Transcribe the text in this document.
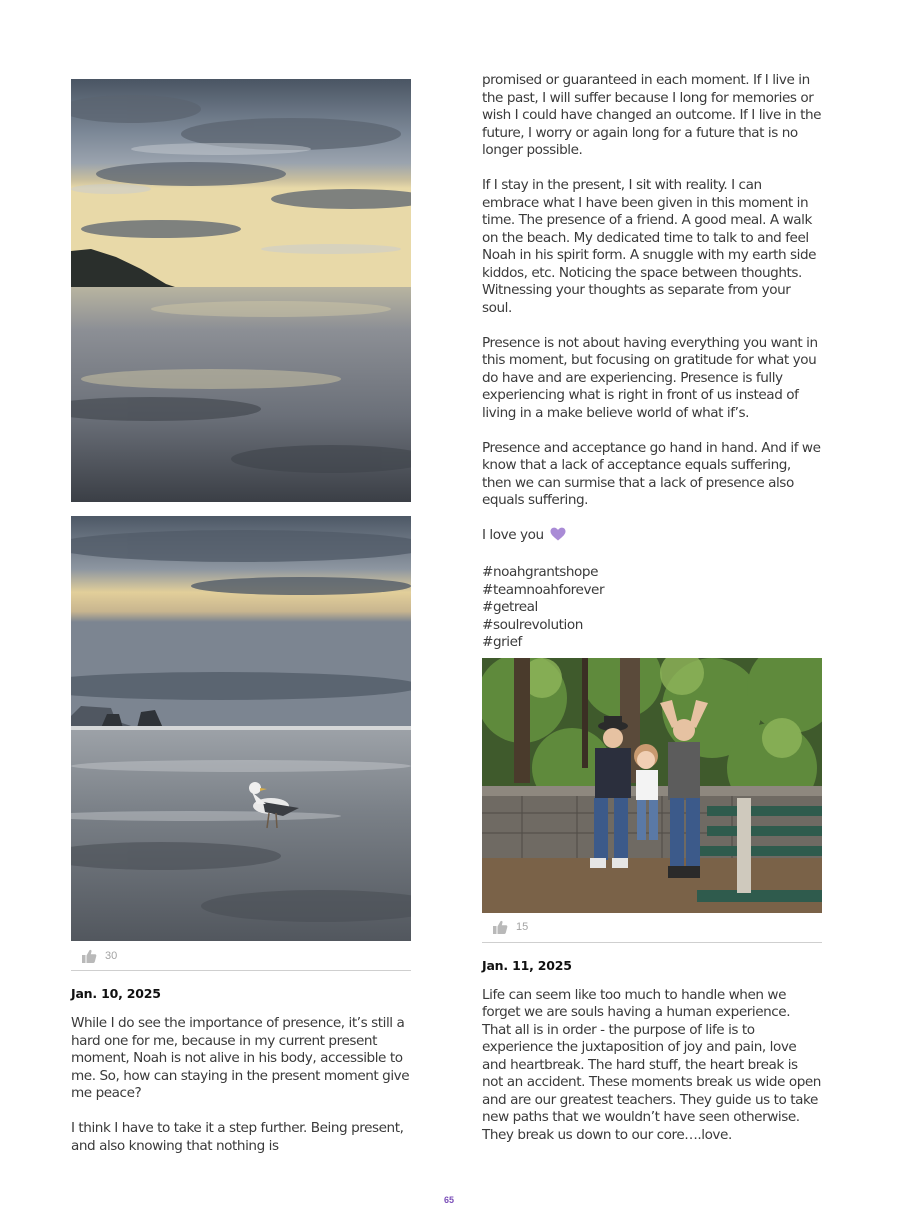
30
Jan. 10, 2025
While I do see the importance of presence, it’s still a hard one for me, because in my current present moment, Noah is not alive in his body, accessible to me. So, how can staying in the present moment give me peace?
I think I have to take it a step further. Being present, and also knowing that nothing is
promised or guaranteed in each moment. If I live in the past, I will suffer because I long for memories or wish I could have changed an outcome. If I live in the future, I worry or again long for a future that is no longer possible.
If I stay in the present, I sit with reality. I can embrace what I have been given in this moment in time. The presence of a friend. A good meal. A walk on the beach. My dedicated time to talk to and feel Noah in his spirit form. A snuggle with my earth side kiddos, etc. Noticing the space between thoughts. Witnessing your thoughts as separate from your soul.
Presence is not about having everything you want in this moment, but focusing on gratitude for what you do have and are experiencing. Presence is fully experiencing what is right in front of us instead of living in a make believe world of what if’s.
Presence and acceptance go hand in hand. And if we know that a lack of acceptance equals suffering, then we can surmise that a lack of presence also equals suffering.
I love you
#noahgrantshope
#teamnoahforever
#getreal
#soulrevolution
#grief
15
Jan. 11, 2025
Life can seem like too much to handle when we forget we are souls having a human experience. That all is in order - the purpose of life is to experience the juxtaposition of joy and pain, love and heartbreak. The hard stuff, the heart break is not an accident. These moments break us wide open and are our greatest teachers. They guide us to take new paths that we wouldn’t have seen otherwise. They break us down to our core….love.
65
